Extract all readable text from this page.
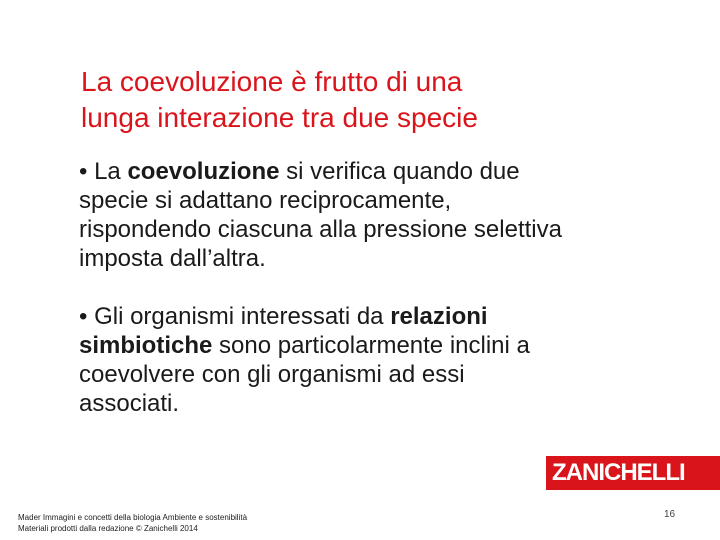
La coevoluzione è frutto di una
lunga interazione tra due specie
• La coevoluzione si verifica quando due
specie si adattano reciprocamente,
rispondendo ciascuna alla pressione selettiva
imposta dall’altra.
• Gli organismi interessati da relazioni
simbiotiche sono particolarmente inclini a
coevolvere con gli organismi ad essi
associati.
ZANICHELLI
Mader Immagini e concetti della biologia Ambiente e sostenibilità
Materiali prodotti dalla redazione © Zanichelli 2014
16
